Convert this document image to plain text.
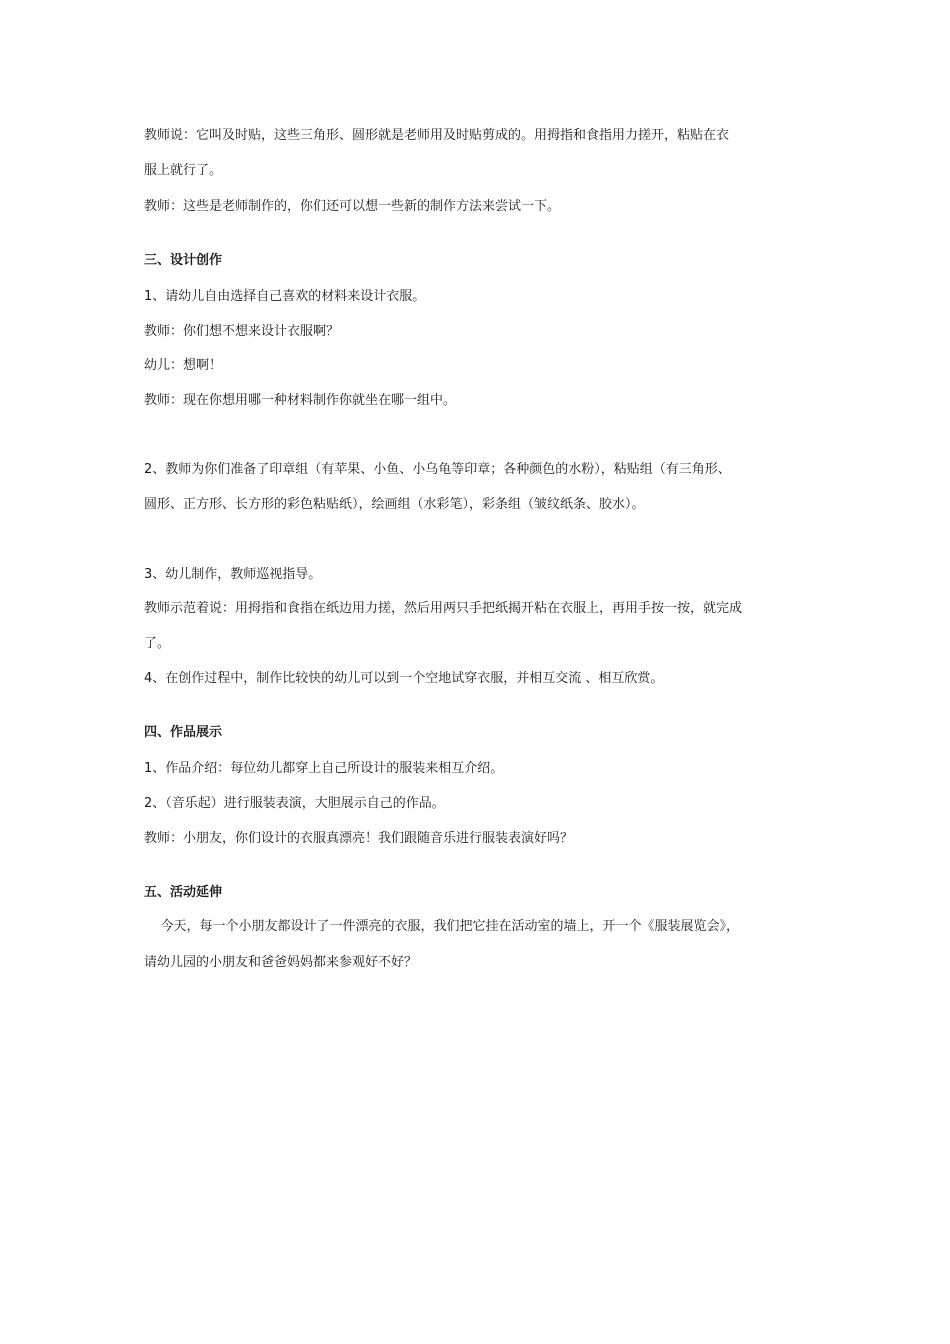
教师说：它叫及时贴，这些三角形、圆形就是老师用及时贴剪成的。用拇指和食指用力搓开，粘贴在衣
服上就行了。
教师：这些是老师制作的，你们还可以想一些新的制作方法来尝试一下。
三、设计创作
1、请幼儿自由选择自己喜欢的材料来设计衣服。
教师：你们想不想来设计衣服啊？
幼儿：想啊！
教师：现在你想用哪一种材料制作你就坐在哪一组中。
2、教师为你们准备了印章组（有苹果、小鱼、小乌龟等印章；各种颜色的水粉），粘贴组（有三角形、
圆形、正方形、长方形的彩色粘贴纸），绘画组（水彩笔），彩条组（皱纹纸条、胶水）。
3、幼儿制作，教师巡视指导。
教师示范着说：用拇指和食指在纸边用力搓，然后用两只手把纸揭开粘在衣服上，再用手按一按，就完成
了。
4、在创作过程中，制作比较快的幼儿可以到一个空地试穿衣服，并相互交流 、相互欣赏。
四、作品展示
1、作品介绍：每位幼儿都穿上自己所设计的服装来相互介绍。
2、（音乐起）进行服装表演，大胆展示自己的作品。
教师：小朋友，你们设计的衣服真漂亮！我们跟随音乐进行服装表演好吗？
五、活动延伸
今天，每一个小朋友都设计了一件漂亮的衣服，我们把它挂在活动室的墙上，开一个《服装展览会》，
请幼儿园的小朋友和爸爸妈妈都来参观好不好？
